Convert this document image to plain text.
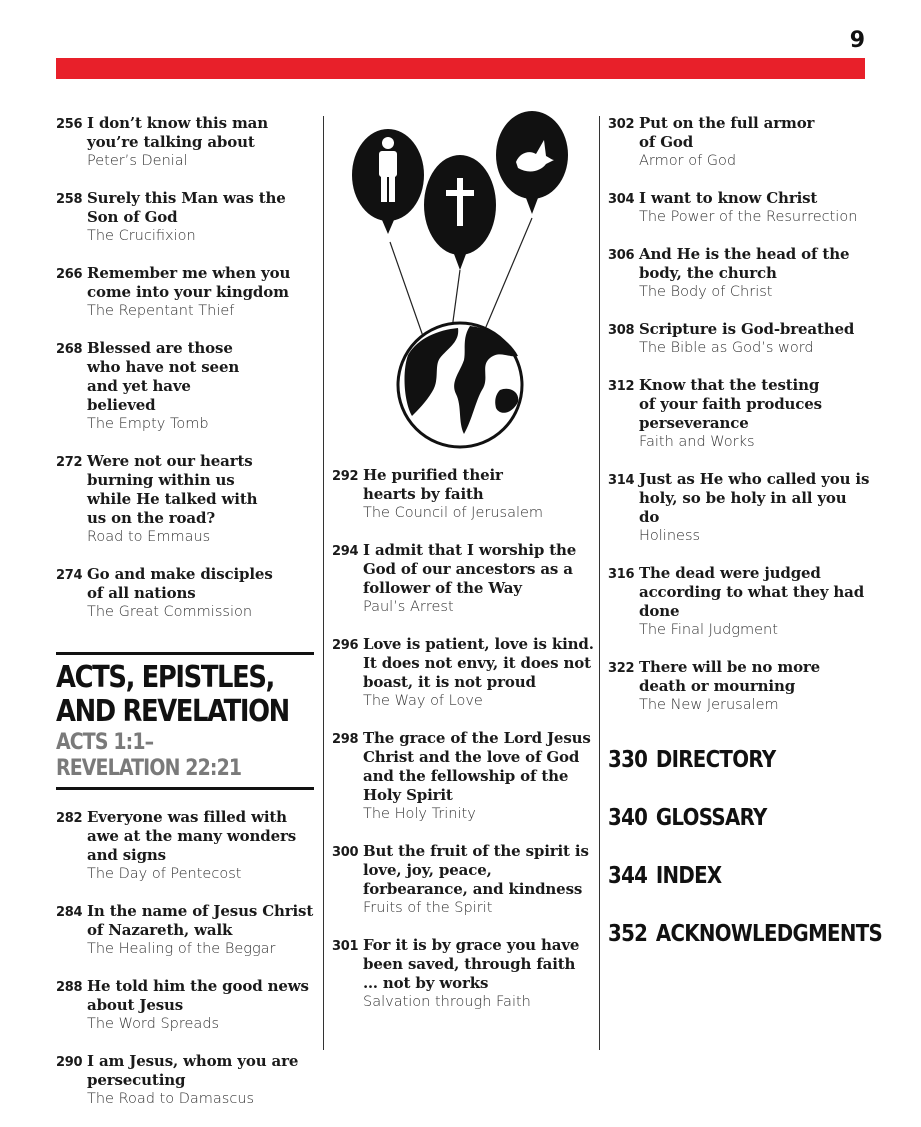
9
256 I don’t know this man you’re talking about
Peter’s Denial
258 Surely this Man was the Son of God
The Crucifixion
266 Remember me when you come into your kingdom
The Repentant Thief
268 Blessed are those who have not seen and yet have believed
The Empty Tomb
272 Were not our hearts burning within us while He talked with us on the road?
Road to Emmaus
274 Go and make disciples of all nations
The Great Commission
ACTS, EPISTLES,
AND REVELATION
ACTS 1:1–
REVELATION 22:21
282 Everyone was filled with awe at the many wonders and signs
The Day of Pentecost
284 In the name of Jesus Christ of Nazareth, walk
The Healing of the Beggar
288 He told him the good news about Jesus
The Word Spreads
290 I am Jesus, whom you are persecuting
The Road to Damascus
292 He purified their hearts by faith
The Council of Jerusalem
294 I admit that I worship the God of our ancestors as a follower of the Way
Paul’s Arrest
296 Love is patient, love is kind. It does not envy, it does not boast, it is not proud
The Way of Love
298 The grace of the Lord Jesus Christ and the love of God and the fellowship of the Holy Spirit
The Holy Trinity
300 But the fruit of the spirit is love, joy, peace, forbearance, and kindness
Fruits of the Spirit
301 For it is by grace you have been saved, through faith … not by works
Salvation through Faith
302 Put on the full armor of God
Armor of God
304 I want to know Christ
The Power of the Resurrection
306 And He is the head of the body, the church
The Body of Christ
308 Scripture is God-breathed
The Bible as God’s word
312 Know that the testing of your faith produces perseverance
Faith and Works
314 Just as He who called you is holy, so be holy in all you do
Holiness
316 The dead were judged according to what they had done
The Final Judgment
322 There will be no more death or mourning
The New Jerusalem
330 DIRECTORY
340 GLOSSARY
344 INDEX
352 ACKNOWLEDGMENTS
